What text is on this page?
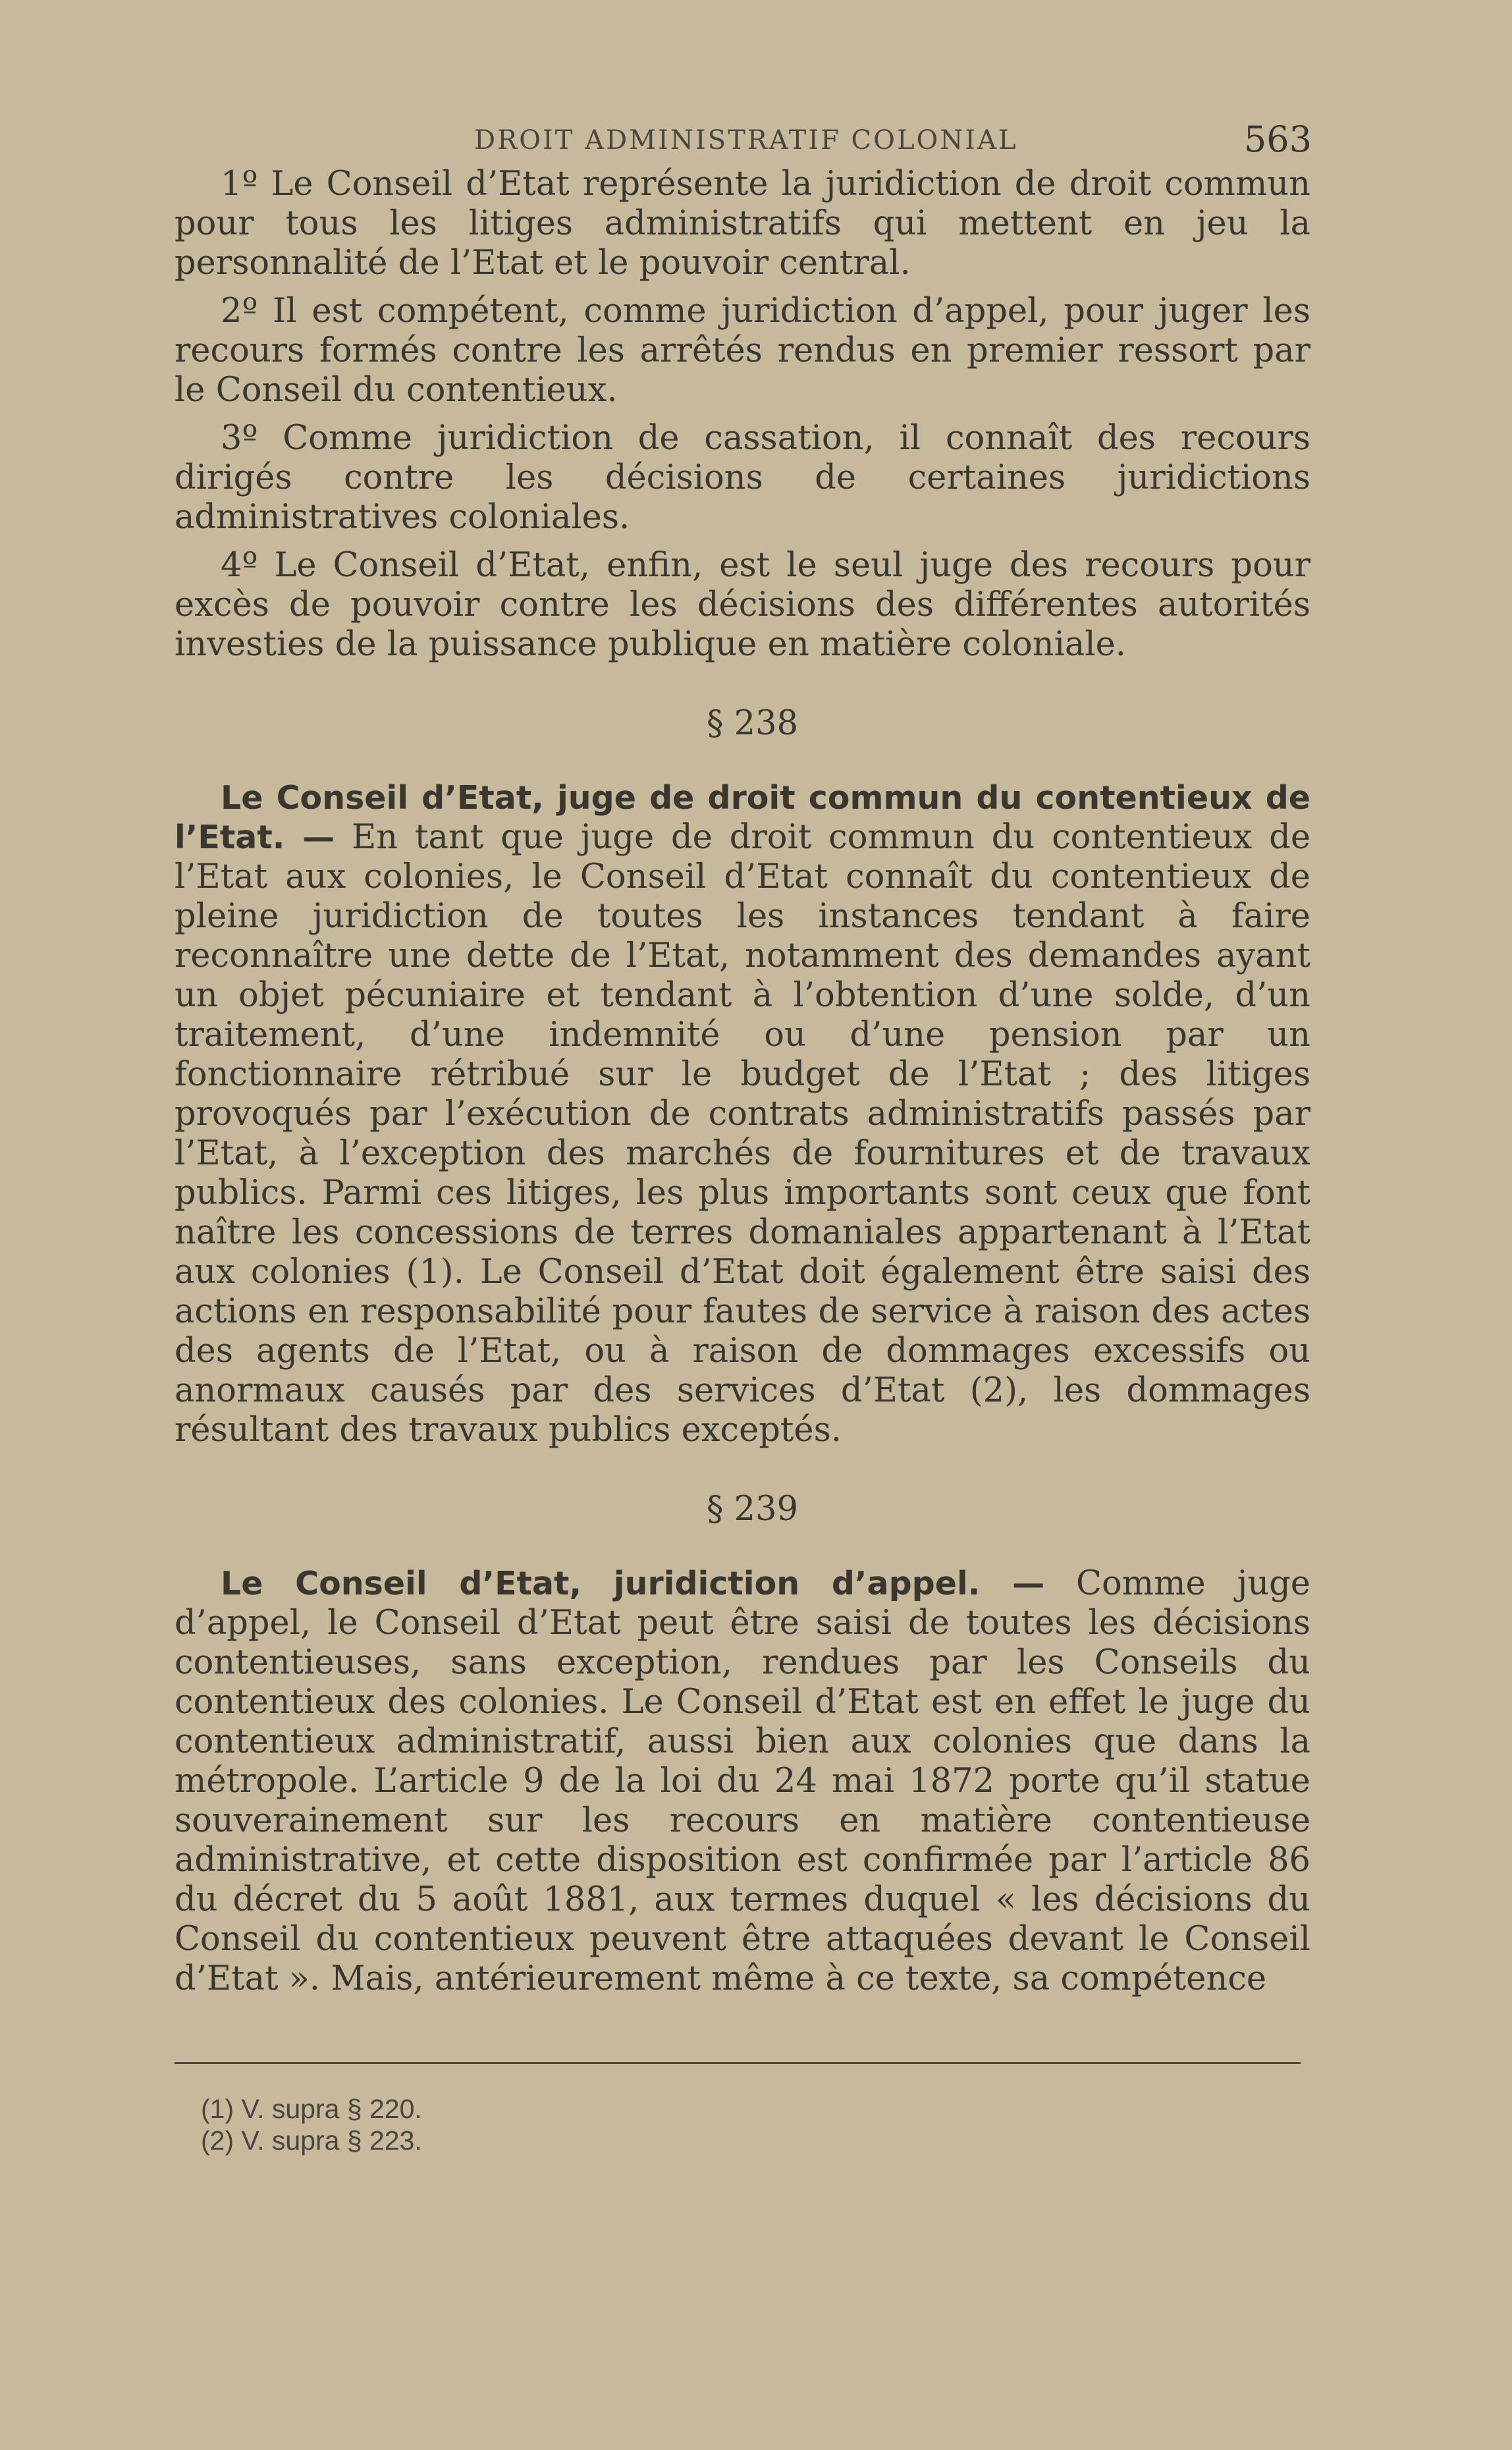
DROIT ADMINISTRATIF COLONIAL	563

1º Le Conseil d’Etat représente la juridiction de droit commun pour tous les litiges administratifs qui mettent en jeu la personnalité de l’Etat et le pouvoir central.

2º Il est compétent, comme juridiction d’appel, pour juger les recours formés contre les arrêtés rendus en premier ressort par le Conseil du contentieux.

3º Comme juridiction de cassation, il connaît des recours dirigés contre les décisions de certaines juridictions administratives coloniales.

4º Le Conseil d’Etat, enfin, est le seul juge des recours pour excès de pouvoir contre les décisions des différentes autorités investies de la puissance publique en matière coloniale.

§ 238

Le Conseil d’Etat, juge de droit commun du contentieux de l’Etat. — En tant que juge de droit commun du contentieux de l’Etat aux colonies, le Conseil d’Etat connaît du contentieux de pleine juridiction de toutes les instances tendant à faire reconnaître une dette de l’Etat, notamment des demandes ayant un objet pécuniaire et tendant à l’obtention d’une solde, d’un traitement, d’une indemnité ou d’une pension par un fonctionnaire rétribué sur le budget de l’Etat ; des litiges provoqués par l’exécution de contrats administratifs passés par l’Etat, à l’exception des marchés de fournitures et de travaux publics. Parmi ces litiges, les plus importants sont ceux que font naître les concessions de terres domaniales appartenant à l’Etat aux colonies (1). Le Conseil d’Etat doit également être saisi des actions en responsabilité pour fautes de service à raison des actes des agents de l’Etat, ou à raison de dommages excessifs ou anormaux causés par des services d’Etat (2), les dommages résultant des travaux publics exceptés.

§ 239

Le Conseil d’Etat, juridiction d’appel. — Comme juge d’appel, le Conseil d’Etat peut être saisi de toutes les décisions contentieuses, sans exception, rendues par les Conseils du contentieux des colonies. Le Conseil d’Etat est en effet le juge du contentieux administratif, aussi bien aux colonies que dans la métropole. L’article 9 de la loi du 24 mai 1872 porte qu’il statue souverainement sur les recours en matière contentieuse administrative, et cette disposition est confirmée par l’article 86 du décret du 5 août 1881, aux termes duquel « les décisions du Conseil du contentieux peuvent être attaquées devant le Conseil d’Etat ». Mais, antérieurement même à ce texte, sa compétence

(1) V. supra § 220.

(2) V. supra § 223.
